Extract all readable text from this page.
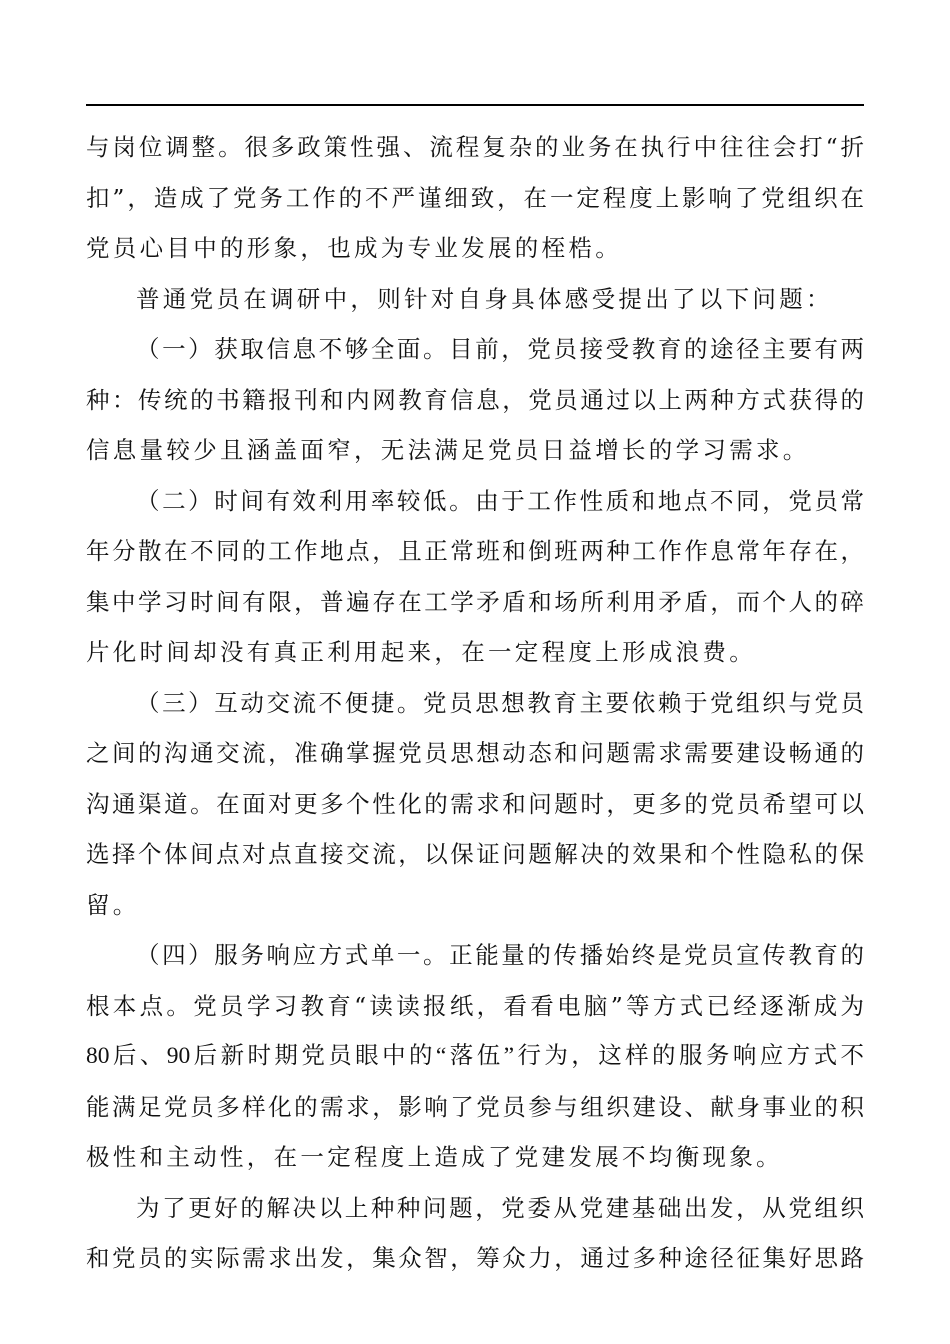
与岗位调整。很多政策性强、流程复杂的业务在执行中往往会打“折
扣”，造成了党务工作的不严谨细致，在一定程度上影响了党组织在
党员心目中的形象，也成为专业发展的桎梏。
普通党员在调研中，则针对自身具体感受提出了以下问题：
（一）获取信息不够全面。目前，党员接受教育的途径主要有两
种：传统的书籍报刊和内网教育信息，党员通过以上两种方式获得的
信息量较少且涵盖面窄，无法满足党员日益增长的学习需求。
（二）时间有效利用率较低。由于工作性质和地点不同，党员常
年分散在不同的工作地点，且正常班和倒班两种工作作息常年存在，
集中学习时间有限，普遍存在工学矛盾和场所利用矛盾，而个人的碎
片化时间却没有真正利用起来，在一定程度上形成浪费。
（三）互动交流不便捷。党员思想教育主要依赖于党组织与党员
之间的沟通交流，准确掌握党员思想动态和问题需求需要建设畅通的
沟通渠道。在面对更多个性化的需求和问题时，更多的党员希望可以
选择个体间点对点直接交流，以保证问题解决的效果和个性隐私的保
留。
（四）服务响应方式单一。正能量的传播始终是党员宣传教育的
根本点。党员学习教育“读读报纸，看看电脑”等方式已经逐渐成为
80后、90后新时期党员眼中的“落伍”行为，这样的服务响应方式不
能满足党员多样化的需求，影响了党员参与组织建设、献身事业的积
极性和主动性，在一定程度上造成了党建发展不均衡现象。
为了更好的解决以上种种问题，党委从党建基础出发，从党组织
和党员的实际需求出发，集众智，筹众力，通过多种途径征集好思路
